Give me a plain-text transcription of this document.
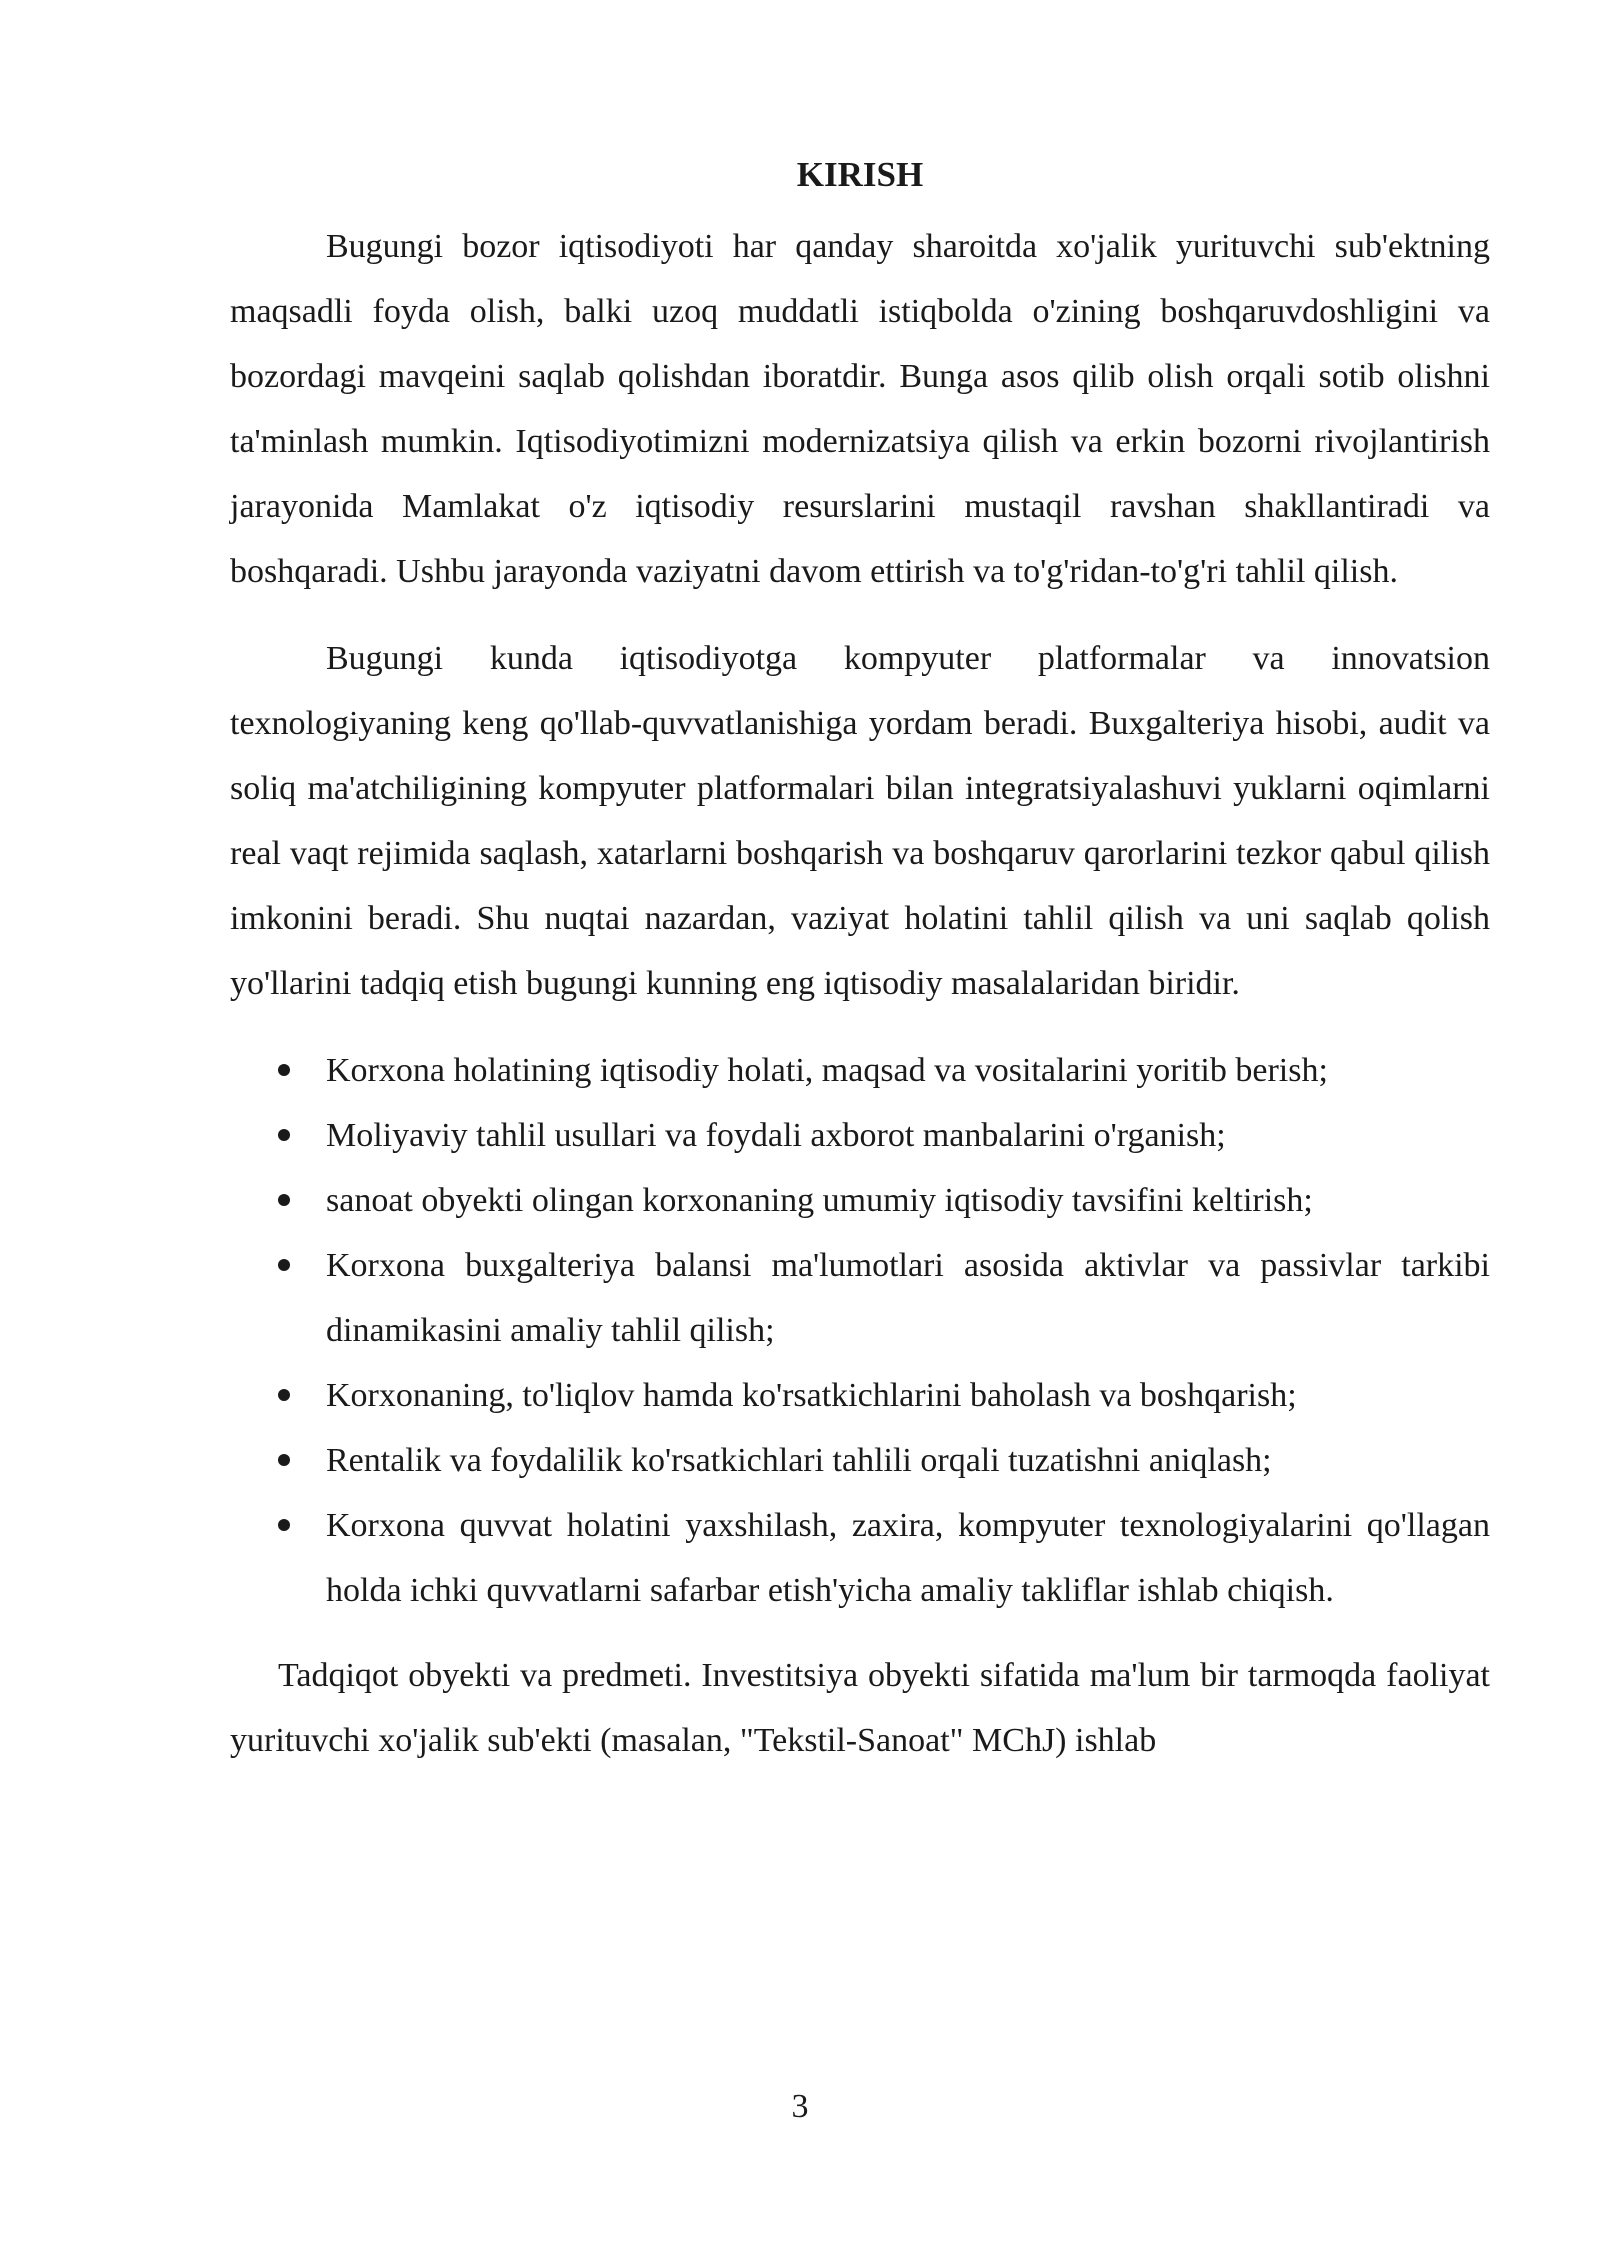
KIRISH

Bugungi bozor iqtisodiyoti har qanday sharoitda xo'jalik yurituvchi sub'ektning maqsadli foyda olish, balki uzoq muddatli istiqbolda o'zining boshqaruvdoshligini va bozordagi mavqeini saqlab qolishdan iboratdir. Bunga asos qilib olish orqali sotib olishni ta'minlash mumkin. Iqtisodiyotimizni modernizatsiya qilish va erkin bozorni rivojlantirish jarayonida Mamlakat o'z iqtisodiy resurslarini mustaqil ravshan shakllantiradi va boshqaradi. Ushbu jarayonda vaziyatni davom ettirish va to'g'ridan-to'g'ri tahlil qilish.

Bugungi kunda iqtisodiyotga kompyuter platformalar va innovatsion texnologiyaning keng qo'llab-quvvatlanishiga yordam beradi. Buxgalteriya hisobi, audit va soliq ma'atchiligining kompyuter platformalari bilan integratsiyalashuvi yuklarni oqimlarni real vaqt rejimida saqlash, xatarlarni boshqarish va boshqaruv qarorlarini tezkor qabul qilish imkonini beradi. Shu nuqtai nazardan, vaziyat holatini tahlil qilish va uni saqlab qolish yo'llarini tadqiq etish bugungi kunning eng iqtisodiy masalalaridan biridir.

Korxona holatining iqtisodiy holati, maqsad va vositalarini yoritib berish;
Moliyaviy tahlil usullari va foydali axborot manbalarini o'rganish;
sanoat obyekti olingan korxonaning umumiy iqtisodiy tavsifini keltirish;
Korxona buxgalteriya balansi ma'lumotlari asosida aktivlar va passivlar tarkibi dinamikasini amaliy tahlil qilish;
Korxonaning, to'liqlov hamda ko'rsatkichlarini baholash va boshqarish;
Rentalik va foydalilik ko'rsatkichlari tahlili orqali tuzatishni aniqlash;
Korxona quvvat holatini yaxshilash, zaxira, kompyuter texnologiyalarini qo'llagan holda ichki quvvatlarni safarbar etish'yicha amaliy takliflar ishlab chiqish.

Tadqiqot obyekti va predmeti. Investitsiya obyekti sifatida ma'lum bir tarmoqda faoliyat yurituvchi xo'jalik sub'ekti (masalan, "Tekstil-Sanoat" MChJ) ishlab

3
